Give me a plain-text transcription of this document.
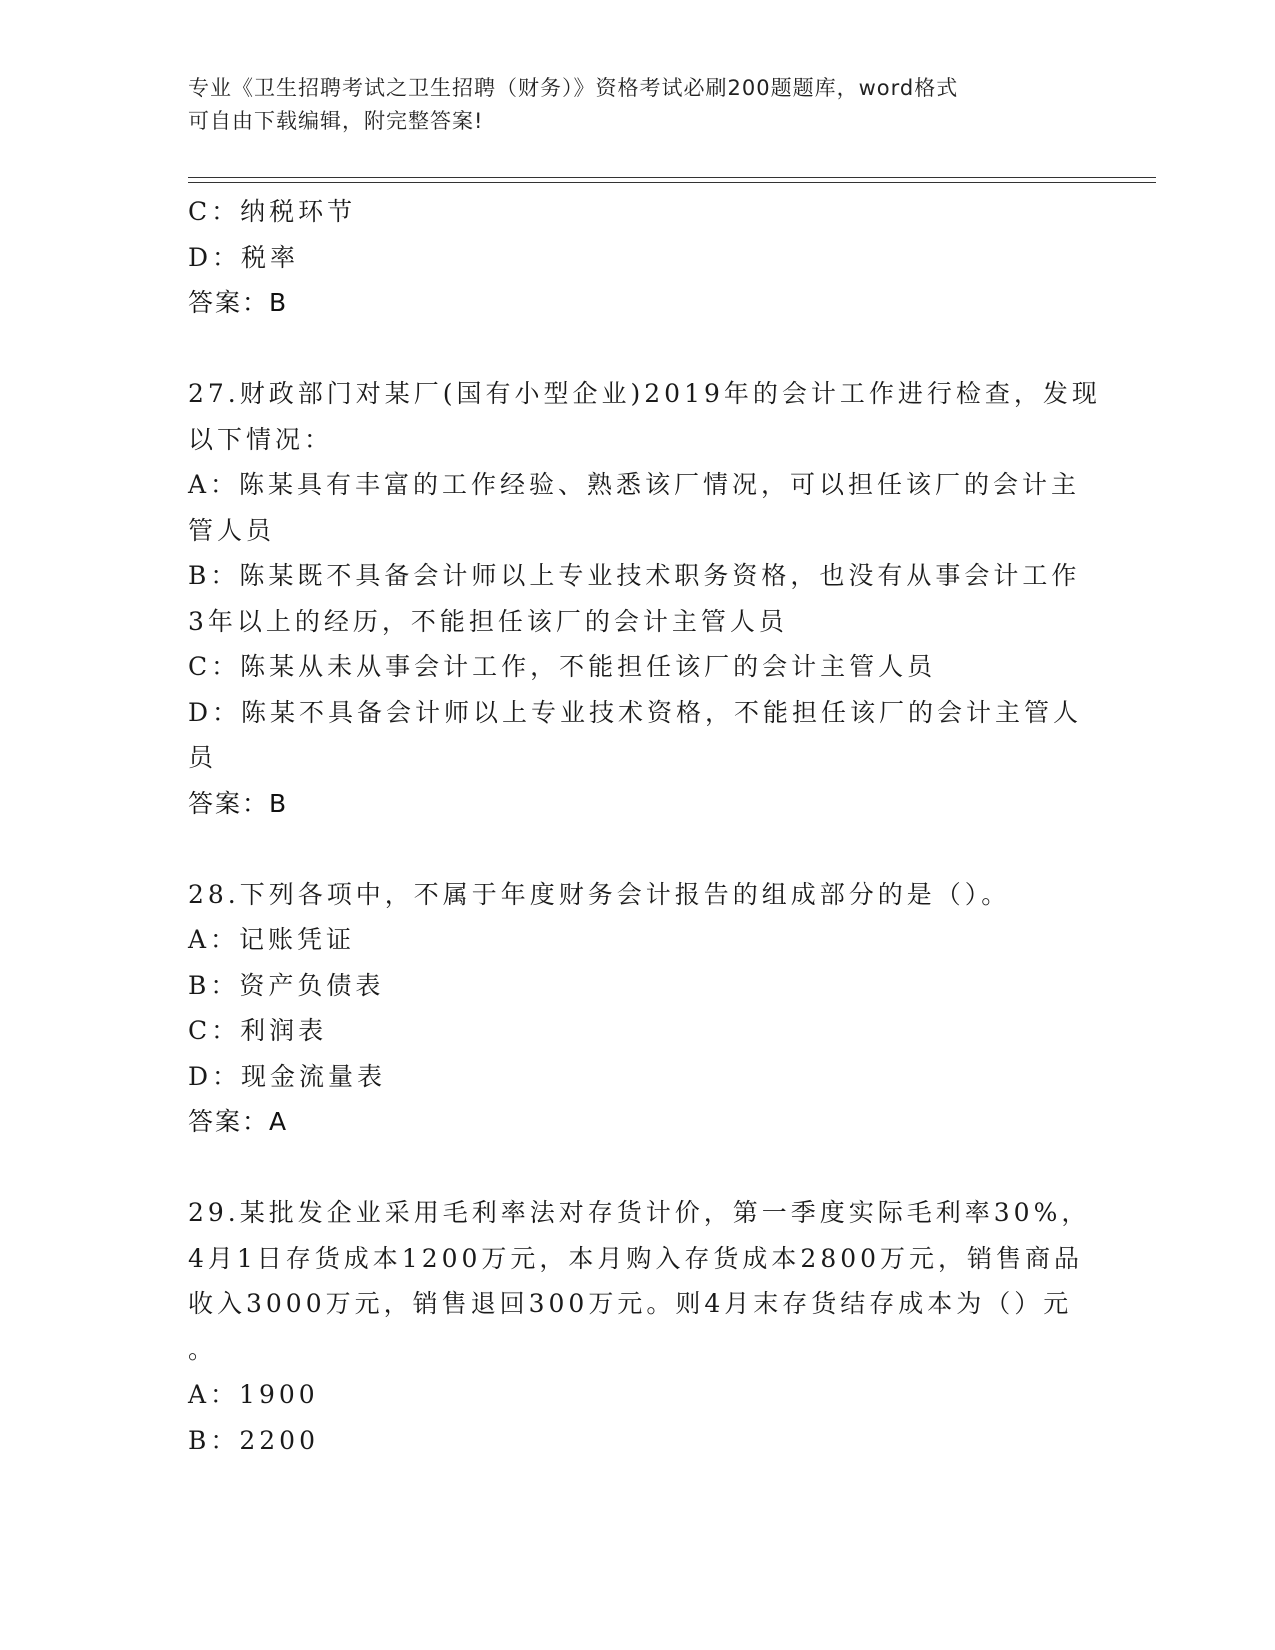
专业《卫生招聘考试之卫生招聘（财务）》资格考试必刷200题题库，word格式
可自由下载编辑，附完整答案!
C：纳税环节
D：税率
答案：B
27.财政部门对某厂(国有小型企业)2019年的会计工作进行检查，发现
以下情况：
A：陈某具有丰富的工作经验、熟悉该厂情况，可以担任该厂的会计主
管人员
B：陈某既不具备会计师以上专业技术职务资格，也没有从事会计工作
3年以上的经历，不能担任该厂的会计主管人员
C：陈某从未从事会计工作，不能担任该厂的会计主管人员
D：陈某不具备会计师以上专业技术资格，不能担任该厂的会计主管人
员
答案：B
28.下列各项中，不属于年度财务会计报告的组成部分的是（）。
A：记账凭证
B：资产负债表
C：利润表
D：现金流量表
答案：A
29.某批发企业采用毛利率法对存货计价，第一季度实际毛利率30%，
4月1日存货成本1200万元，本月购入存货成本2800万元，销售商品
收入3000万元，销售退回300万元。则4月末存货结存成本为（）元
。
A：1900
B：2200
